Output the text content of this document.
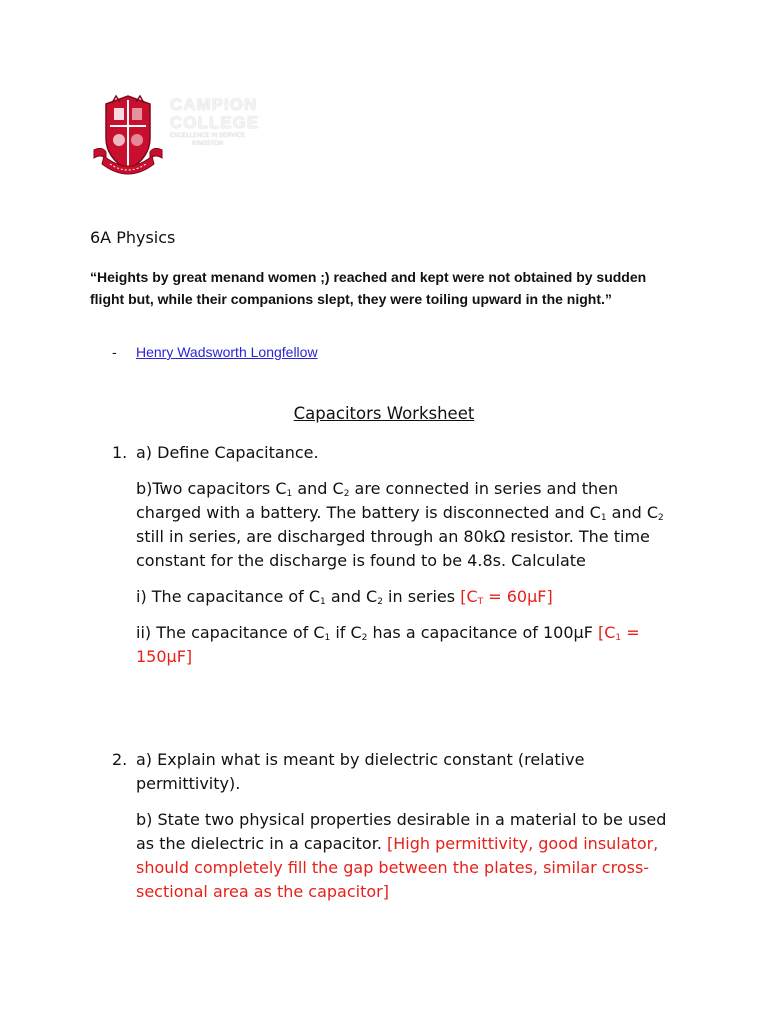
CAMPION
COLLEGE
EXCELLENCE IN SERVICE
KINGSTON
6A Physics
“Heights by great menand women ;) reached and kept were not obtained by sudden flight but, while their companions slept, they were toiling upward in the night.”
- Henry Wadsworth Longfellow
Capacitors Worksheet
1. a) Define Capacitance.

b)Two capacitors $C_1$ and $C_2$ are connected in series and then charged with a battery. The battery is disconnected and $C_1$ and $C_2$ still in series, are discharged through an 80kΩ resistor. The time constant for the discharge is found to be 4.8s. Calculate

i) The capacitance of $C_1$ and $C_2$ in series $[C_T = 60\mu F]$

ii) The capacitance of $C_1$ if $C_2$ has a capacitance of 100μF $[C_1 = 150\mu F]$

2. a) Explain what is meant by dielectric constant (relative permittivity).

b) State two physical properties desirable in a material to be used as the dielectric in a capacitor. [High permittivity, good insulator, should completely fill the gap between the plates, similar cross-sectional area as the capacitor]
